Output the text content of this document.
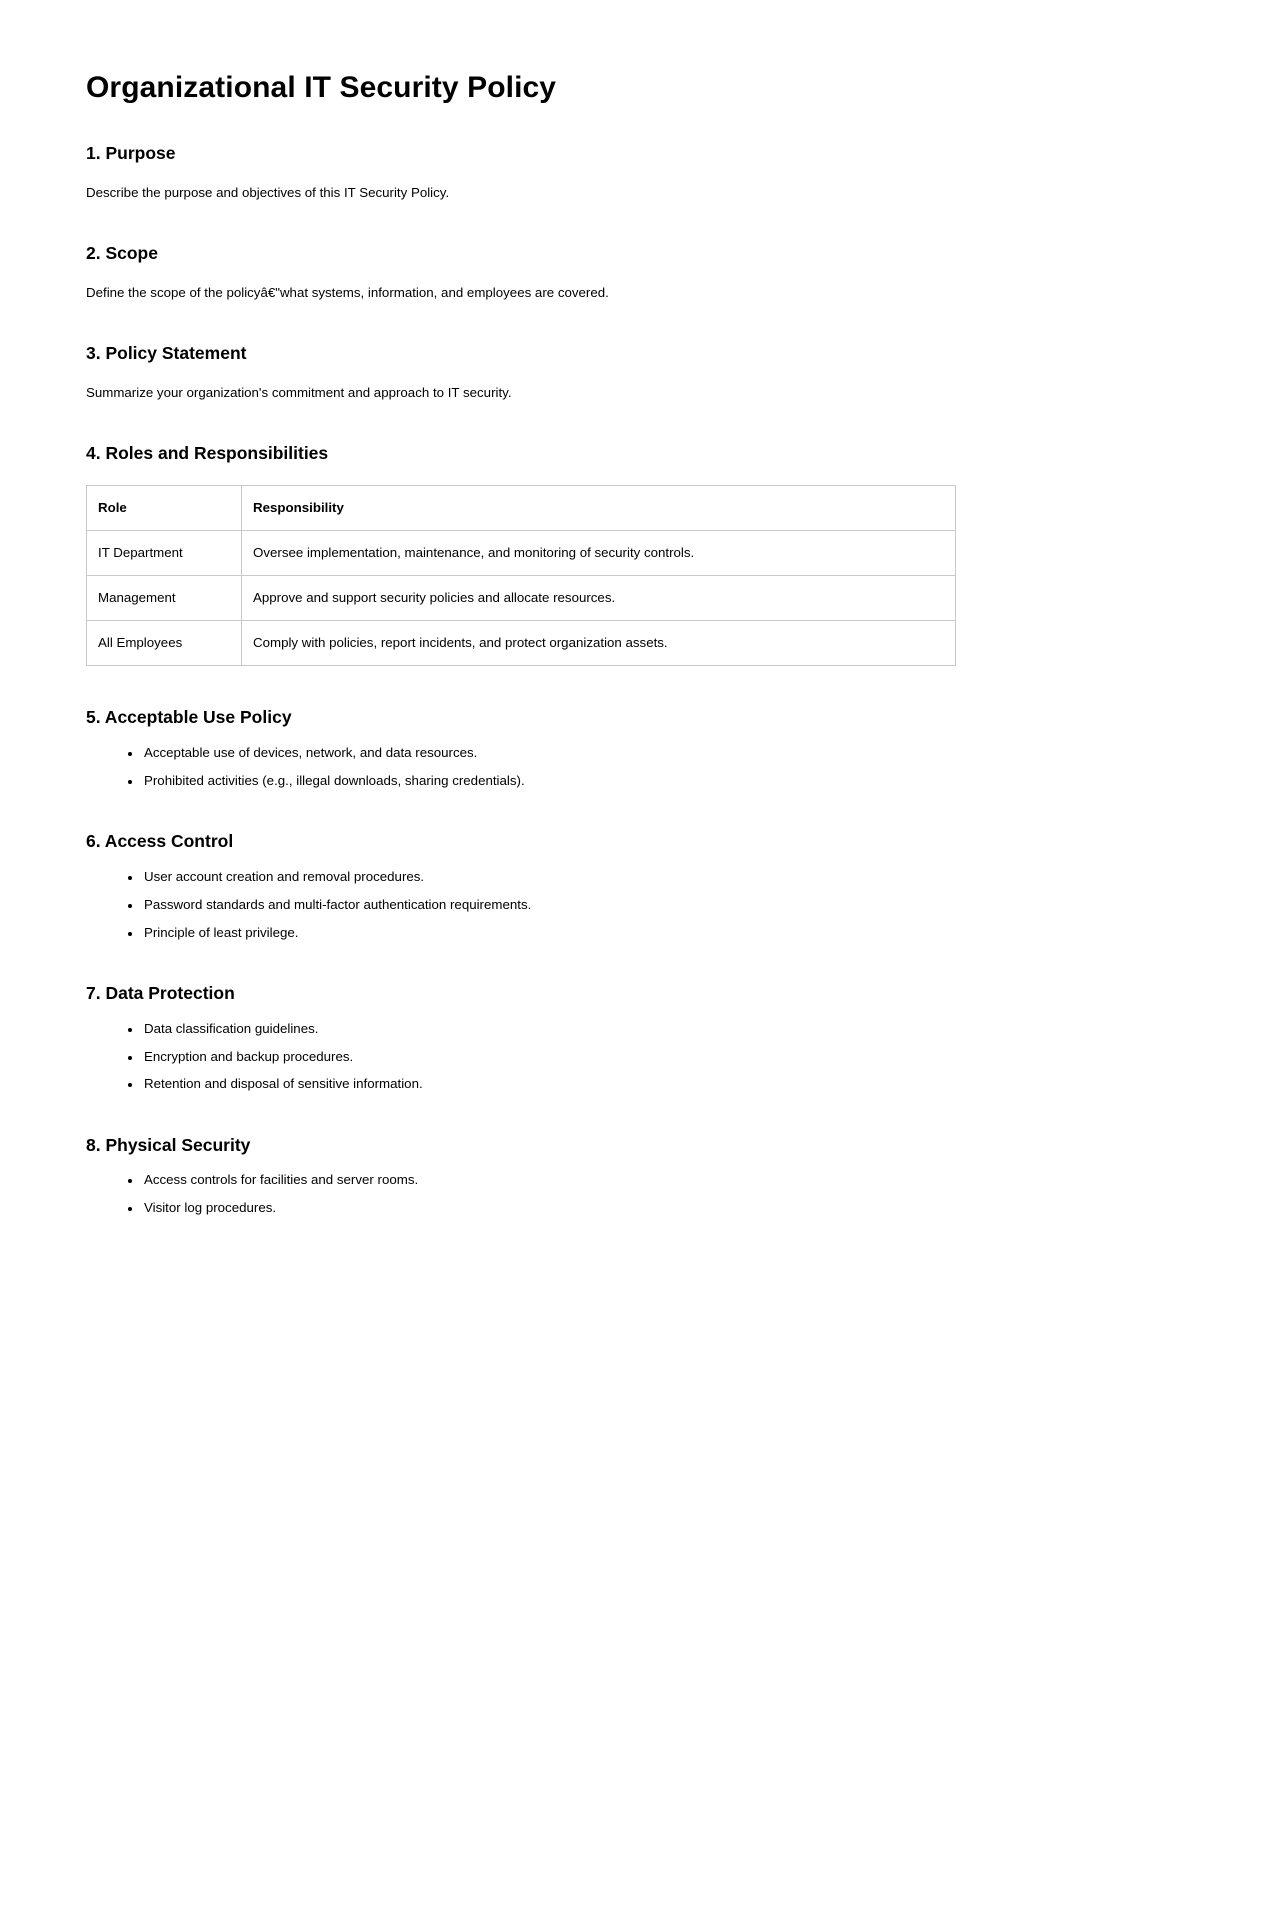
Organizational IT Security Policy
1. Purpose

Describe the purpose and objectives of this IT Security Policy.

2. Scope

Define the scope of the policyâ€"what systems, information, and employees are covered.

3. Policy Statement

Summarize your organization's commitment and approach to IT security.

4. Roles and Responsibilities
Role	Responsibility
IT Department	Oversee implementation, maintenance, and monitoring of security controls.
Management	Approve and support security policies and allocate resources.
All Employees	Comply with policies, report incidents, and protect organization assets.
5. Acceptable Use Policy
• Acceptable use of devices, network, and data resources.
• Prohibited activities (e.g., illegal downloads, sharing credentials).
6. Access Control
• User account creation and removal procedures.
• Password standards and multi-factor authentication requirements.
• Principle of least privilege.
7. Data Protection
• Data classification guidelines.
• Encryption and backup procedures.
• Retention and disposal of sensitive information.
8. Physical Security
• Access controls for facilities and server rooms.
• Visitor log procedures.
